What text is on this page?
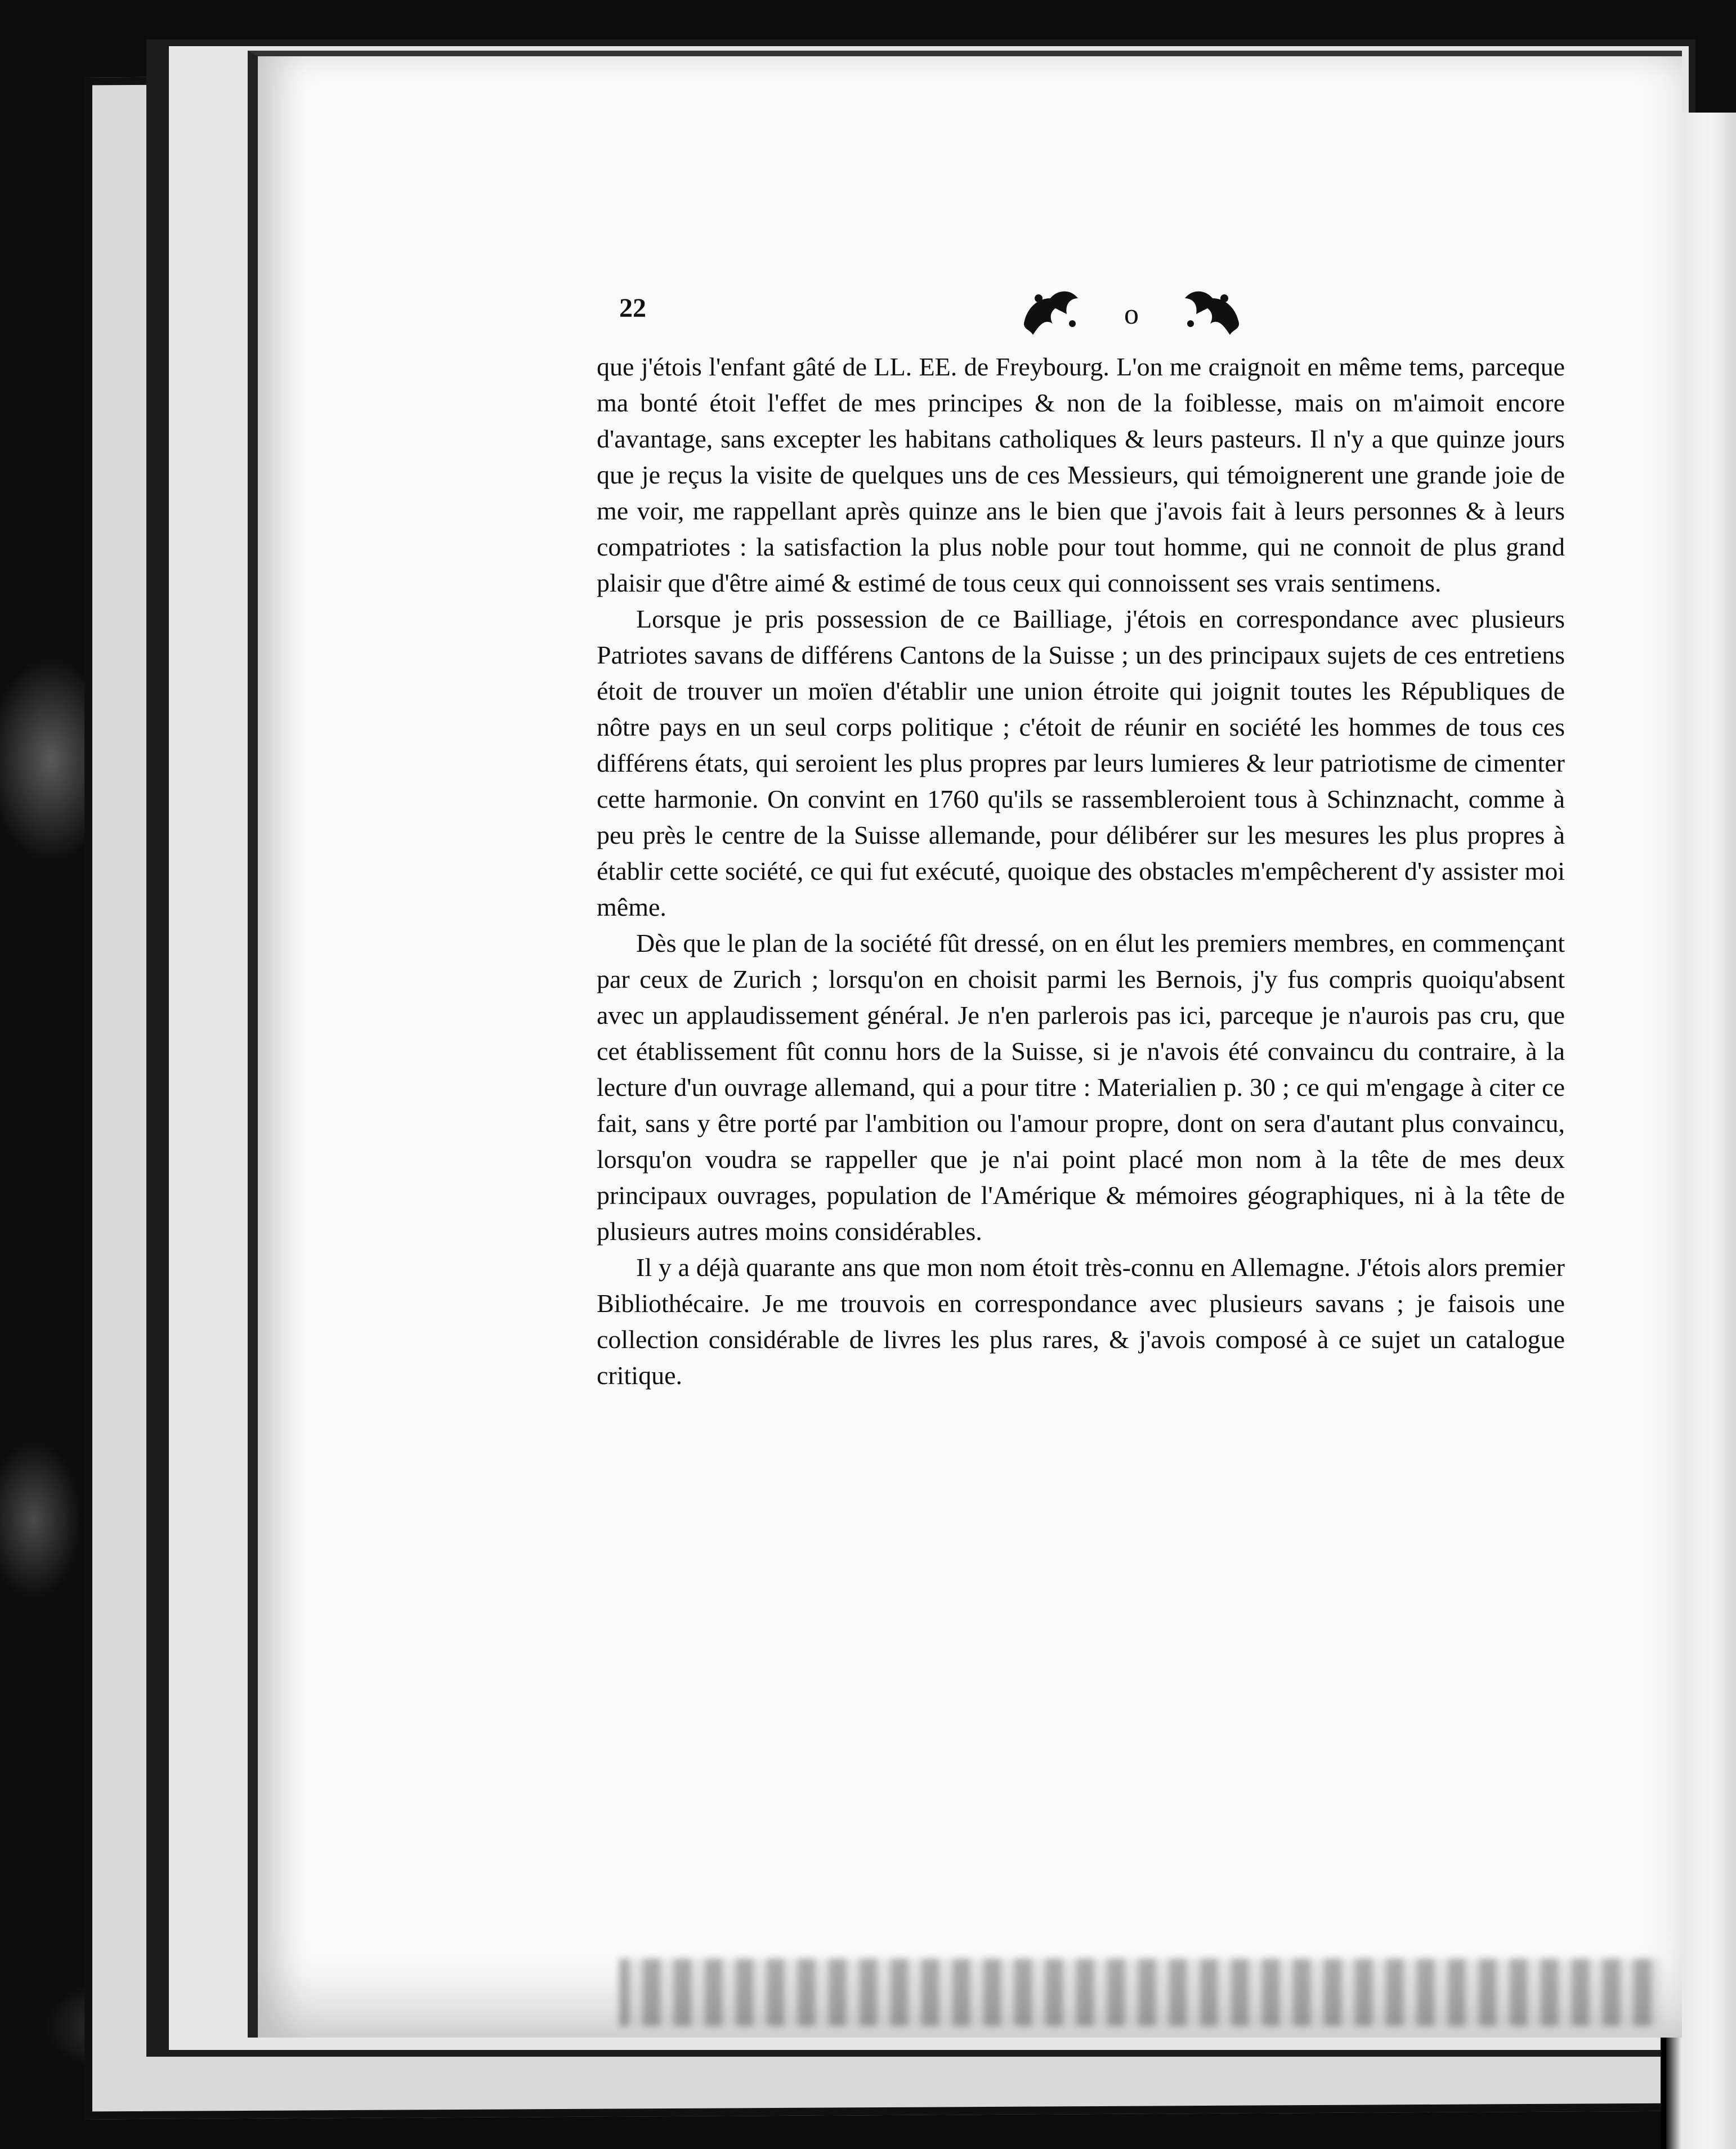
22	o

que j'étois l'enfant gâté de LL. EE. de Freybourg. L'on me craignoit en même tems, parceque ma bonté étoit l'effet de mes principes & non de la foiblesse, mais on m'aimoit encore d'avantage, sans excepter les habitans catholiques & leurs pasteurs. Il n'y a que quinze jours que je reçus la visite de quelques uns de ces Messieurs, qui témoignerent une grande joie de me voir, me rappellant après quinze ans le bien que j'avois fait à leurs personnes & à leurs compatriotes : la satisfaction la plus noble pour tout homme, qui ne connoit de plus grand plaisir que d'être aimé & estimé de tous ceux qui connoissent ses vrais sentimens.

Lorsque je pris possession de ce Bailliage, j'étois en correspondance avec plusieurs Patriotes savans de différens Cantons de la Suisse ; un des principaux sujets de ces entretiens étoit de trouver un moïen d'établir une union étroite qui joignit toutes les Républiques de nôtre pays en un seul corps politique ; c'étoit de réunir en société les hommes de tous ces différens états, qui seroient les plus propres par leurs lumieres & leur patriotisme de cimenter cette harmonie. On convint en 1760 qu'ils se rassembleroient tous à Schinznacht, comme à peu près le centre de la Suisse allemande, pour délibérer sur les mesures les plus propres à établir cette société, ce qui fut exécuté, quoique des obstacles m'empêcherent d'y assister moi même.

Dès que le plan de la société fût dressé, on en élut les premiers membres, en commençant par ceux de Zurich ; lorsqu'on en choisit parmi les Bernois, j'y fus compris quoiqu'absent avec un applaudissement général. Je n'en parlerois pas ici, parceque je n'aurois pas cru, que cet établissement fût connu hors de la Suisse, si je n'avois été convaincu du contraire, à la lecture d'un ouvrage allemand, qui a pour titre : Materialien p. 30 ; ce qui m'engage à citer ce fait, sans y être porté par l'ambition ou l'amour propre, dont on sera d'autant plus convaincu, lorsqu'on voudra se rappeller que je n'ai point placé mon nom à la tête de mes deux principaux ouvrages, population de l'Amérique & mémoires géographiques, ni à la tête de plusieurs autres moins considérables.

Il y a déjà quarante ans que mon nom étoit très-connu en Allemagne. J'étois alors premier Bibliothécaire. Je me trouvois en correspondance avec plusieurs savans ; je faisois une collection considérable de livres les plus rares, & j'avois composé à ce sujet un catalogue critique.
